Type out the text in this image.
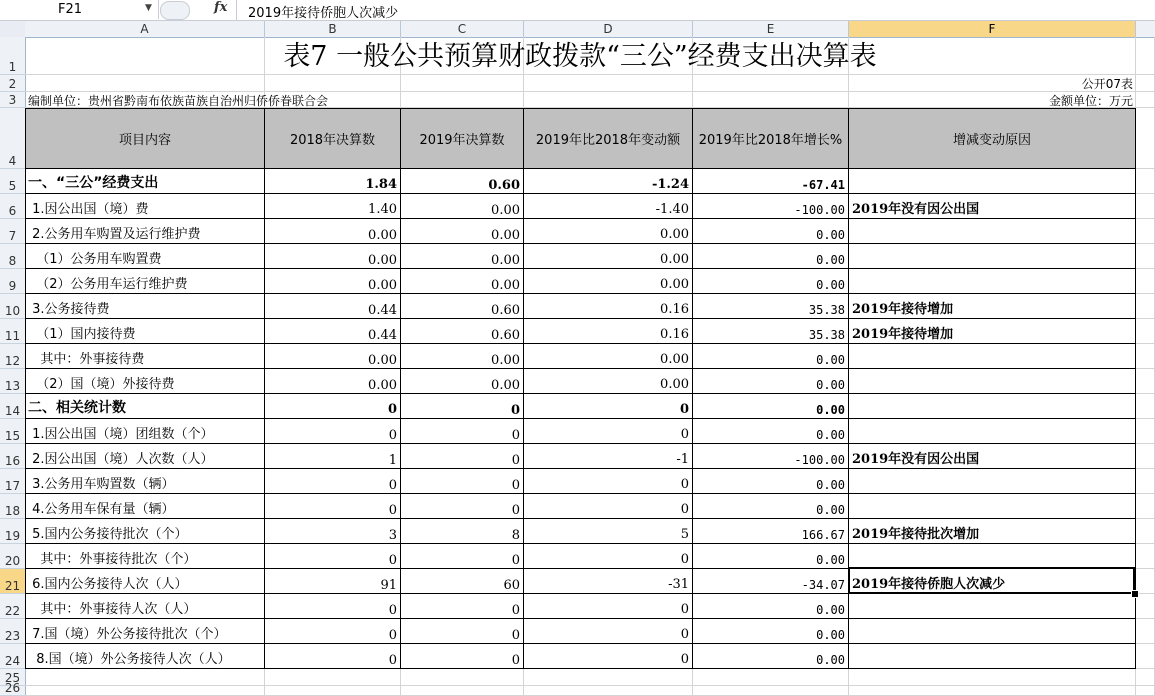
F21	▼	fx 2019年接待侨胞人次减少
A	B	C	D	E	F
1
2
3
4
5
6
7
8
9
10
11
12
13
14
15
16
17
18
19
20
21
22
23
24
25
26
表7 一般公共预算财政拨款“三公”经费支出决算表
公开07表
编制单位：贵州省黔南布依族苗族自治州归侨侨眷联合会	金额单位：万元
项目内容	2018年决算数	2019年决算数	2019年比2018年变动额	2019年比2018年增长%	增减变动原因
一、“三公”经费支出	1.84	0.60	-1.24	-67.41
1.因公出国（境）费	1.40	0.00	-1.40	-100.00 2019年没有因公出国
2.公务用车购置及运行维护费	0.00	0.00	0.00	0.00
（1）公务用车购置费	0.00	0.00	0.00	0.00
（2）公务用车运行维护费	0.00	0.00	0.00	0.00
3.公务接待费	0.44	0.60	0.16	35.38 2019年接待增加
（1）国内接待费	0.44	0.60	0.16	35.38 2019年接待增加
其中：外事接待费	0.00	0.00	0.00	0.00
（2）国（境）外接待费	0.00	0.00	0.00	0.00
二、相关统计数	0	0	0	0.00
1.因公出国（境）团组数（个）	0	0	0	0.00
2.因公出国（境）人次数（人）	1	0	-1	-100.00 2019年没有因公出国
3.公务用车购置数（辆）	0	0	0	0.00
4.公务用车保有量（辆）	0	0	0	0.00
5.国内公务接待批次（个）	3	8	5	166.67 2019年接待批次增加
其中：外事接待批次（个）	0	0	0	0.00
6.国内公务接待人次（人）	91	60	-31	-34.07 2019年接待侨胞人次减少
其中：外事接待人次（人）	0	0	0	0.00
7.国（境）外公务接待批次（个）	0	0	0	0.00
8.国（境）外公务接待人次（人）	0	0	0	0.00
